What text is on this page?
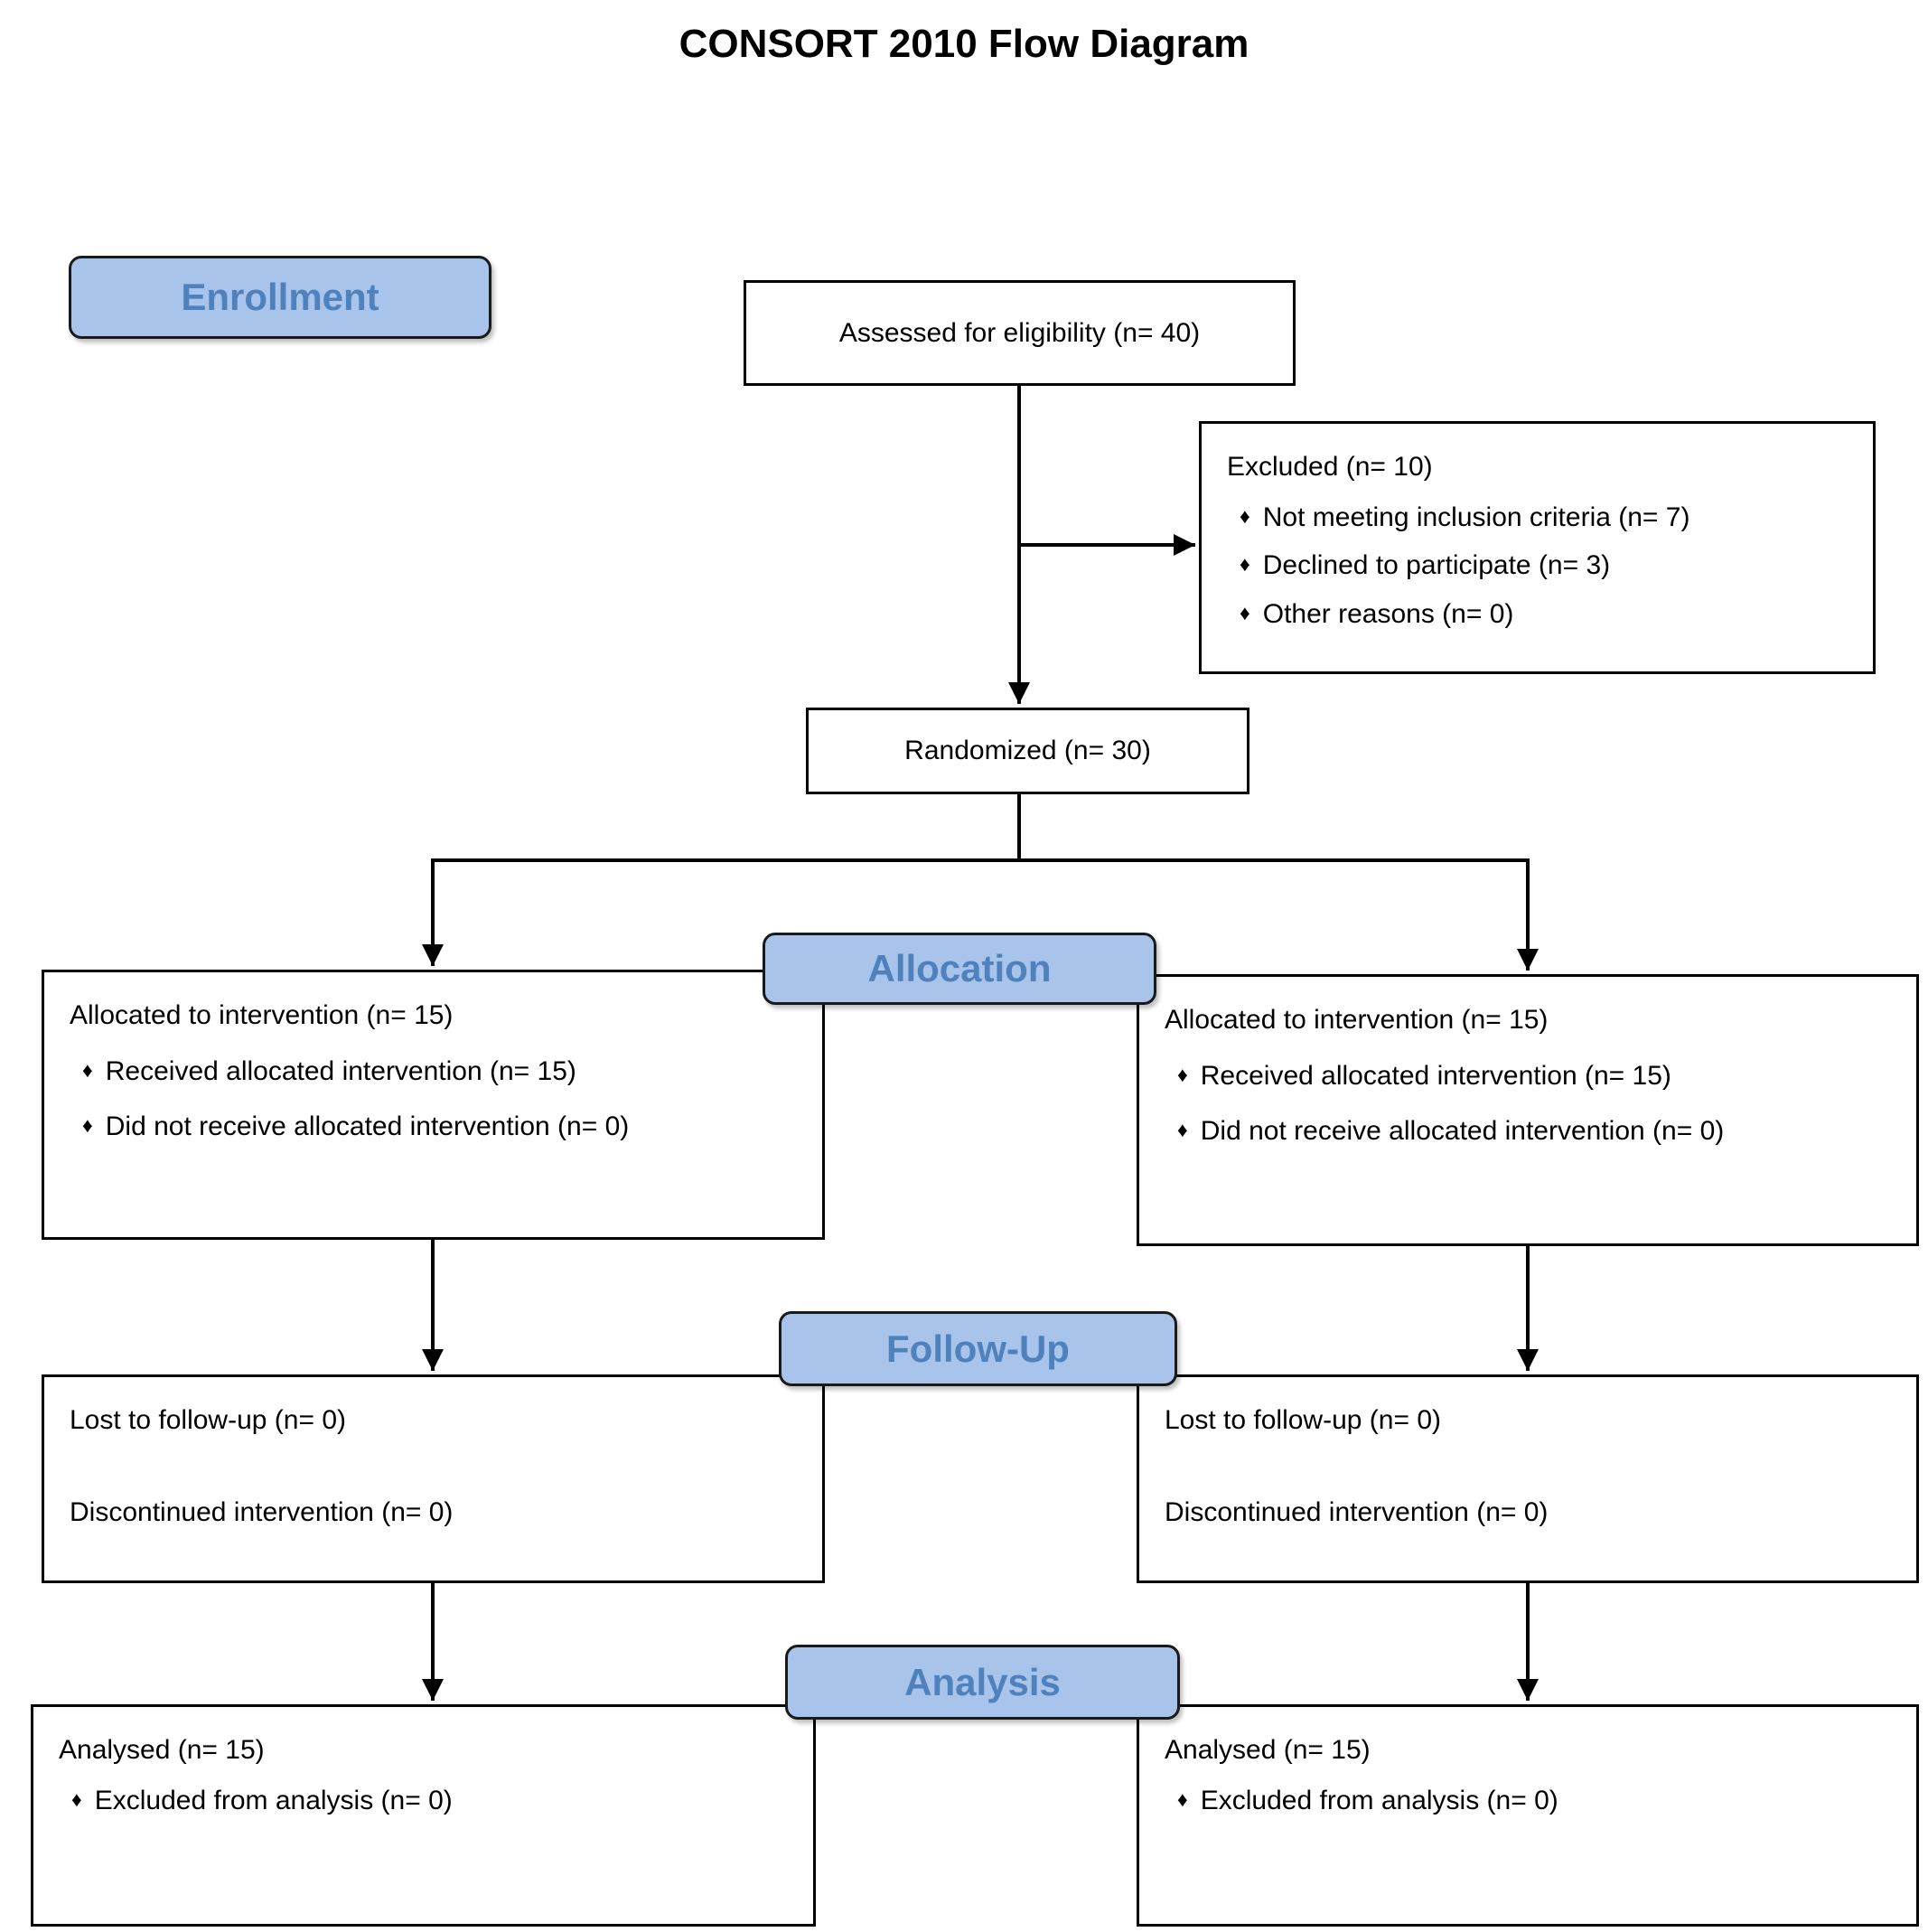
CONSORT 2010 Flow Diagram
Enrollment
Allocation
Follow-Up
Analysis
Assessed for eligibility (n= 40)
Excluded (n= 10)
♦ Not meeting inclusion criteria (n= 7)
♦ Declined to participate (n= 3)
♦ Other reasons (n= 0)
Randomized (n= 30)
Allocated to intervention (n= 15)
♦ Received allocated intervention (n= 15)
♦ Did not receive allocated intervention (n= 0)
Allocated to intervention (n= 15)
♦ Received allocated intervention (n= 15)
♦ Did not receive allocated intervention (n= 0)
Lost to follow-up (n= 0)
Discontinued intervention (n= 0)
Lost to follow-up (n= 0)
Discontinued intervention (n= 0)
Analysed (n= 15)
♦ Excluded from analysis (n= 0)
Analysed (n= 15)
♦ Excluded from analysis (n= 0)
